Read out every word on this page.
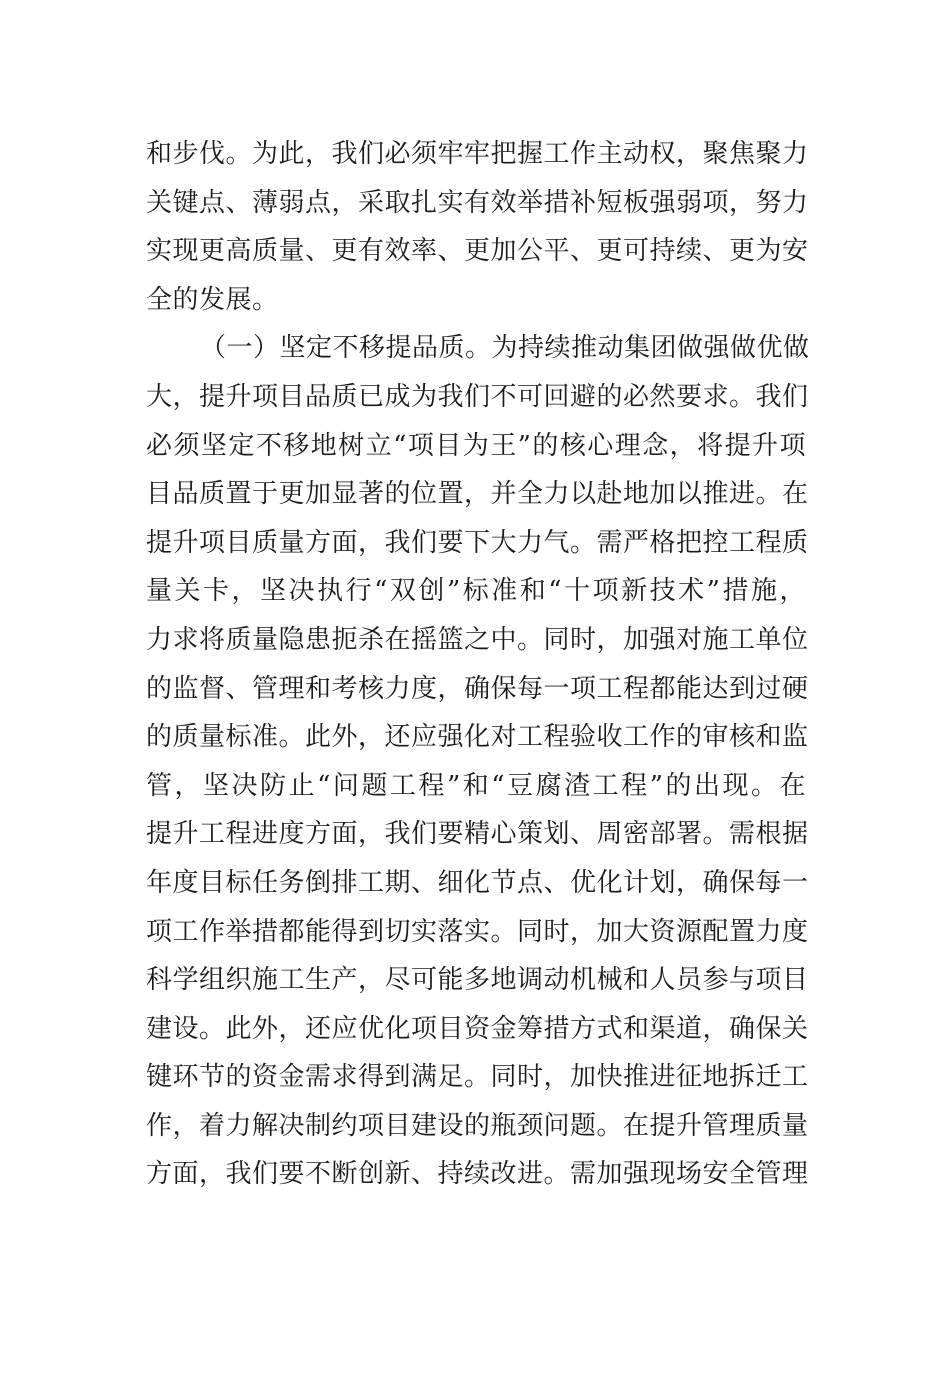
和步伐。为此，我们必须牢牢把握工作主动权，聚焦聚力
关键点、薄弱点，采取扎实有效举措补短板强弱项，努力
实现更高质量、更有效率、更加公平、更可持续、更为安
全的发展。
（一）坚定不移提品质。为持续推动集团做强做优做
大，提升项目品质已成为我们不可回避的必然要求。我们
必须坚定不移地树立“项目为王”的核心理念，将提升项
目品质置于更加显著的位置，并全力以赴地加以推进。在
提升项目质量方面，我们要下大力气。需严格把控工程质
量关卡，坚决执行“双创”标准和“十项新技术”措施，
力求将质量隐患扼杀在摇篮之中。同时，加强对施工单位
的监督、管理和考核力度，确保每一项工程都能达到过硬
的质量标准。此外，还应强化对工程验收工作的审核和监
管，坚决防止“问题工程”和“豆腐渣工程”的出现。在
提升工程进度方面，我们要精心策划、周密部署。需根据
年度目标任务倒排工期、细化节点、优化计划，确保每一
项工作举措都能得到切实落实。同时，加大资源配置力度
科学组织施工生产，尽可能多地调动机械和人员参与项目
建设。此外，还应优化项目资金筹措方式和渠道，确保关
键环节的资金需求得到满足。同时，加快推进征地拆迁工
作，着力解决制约项目建设的瓶颈问题。在提升管理质量
方面，我们要不断创新、持续改进。需加强现场安全管理
